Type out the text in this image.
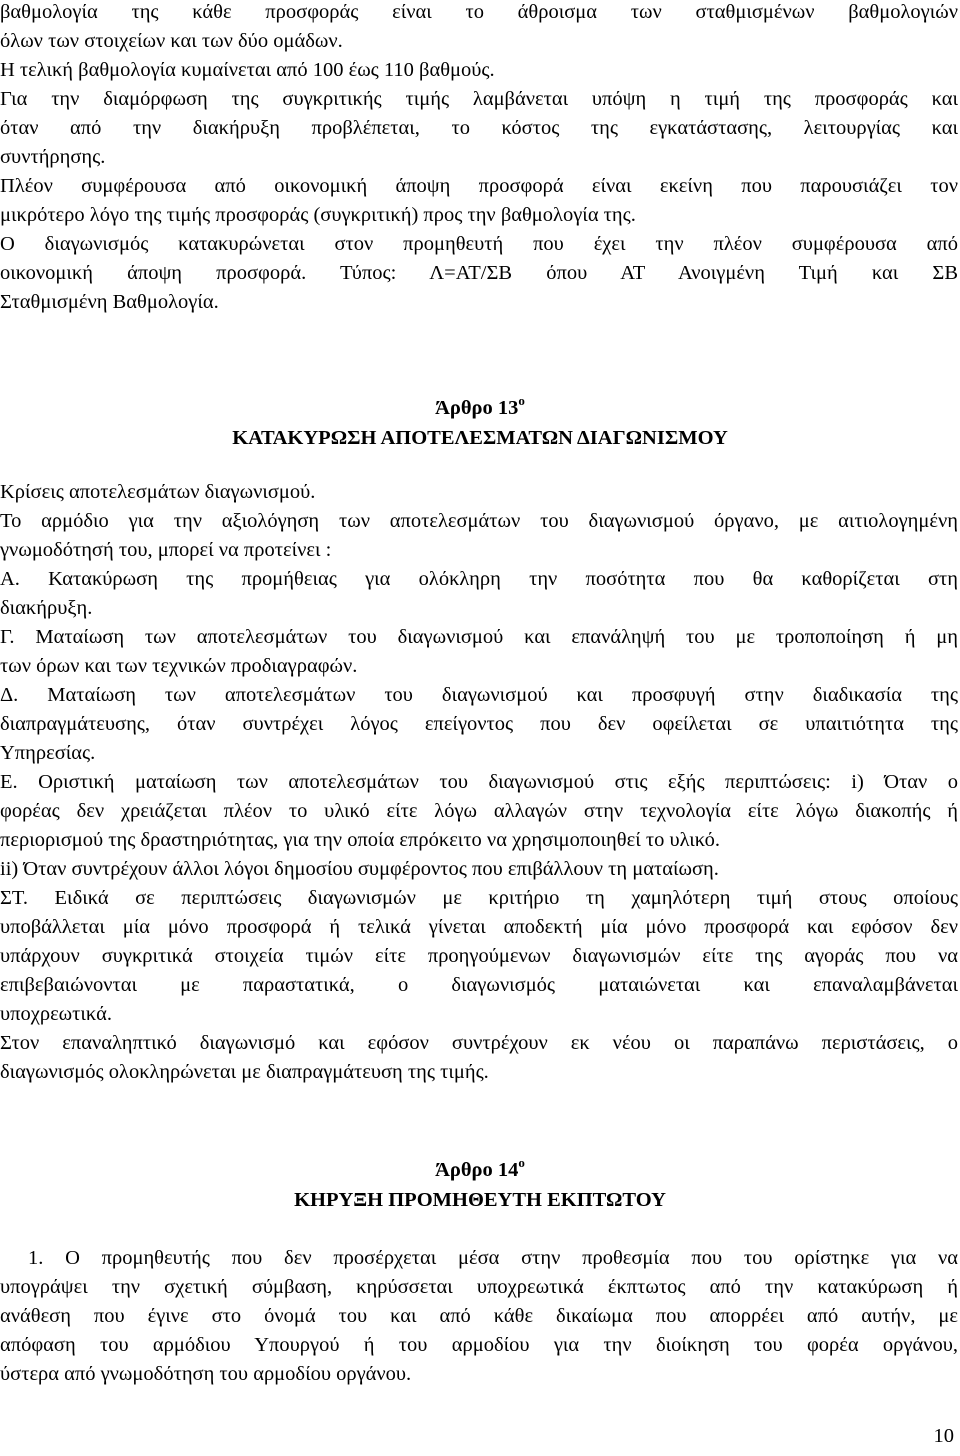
βαθμολογία της κάθε προσφοράς είναι το άθροισμα των σταθμισμένων βαθμολογιών

όλων των στοιχείων και των δύο ομάδων.

Η τελική βαθμολογία κυμαίνεται από 100 έως 110 βαθμούς.

Για την διαμόρφωση της συγκριτικής τιμής λαμβάνεται υπόψη η τιμή της προσφοράς και

όταν από την διακήρυξη προβλέπεται, το κόστος της εγκατάστασης, λειτουργίας και

συντήρησης.

Πλέον συμφέρουσα από οικονομική άποψη προσφορά είναι εκείνη που παρουσιάζει τον

μικρότερο λόγο της τιμής προσφοράς (συγκριτική) προς την βαθμολογία της.

Ο διαγωνισμός κατακυρώνεται στον προμηθευτή που έχει την πλέον συμφέρουσα από

οικονομική άποψη προσφορά. Τύπος: Λ=ΑΤ/ΣΒ όπου ΑΤ Ανοιγμένη Τιμή και ΣΒ

Σταθμισμένη Βαθμολογία.

Άρθρο $13^o$
ΚΑΤΑΚΥΡΩΣΗ ΑΠΟΤΕΛΕΣΜΑΤΩΝ ΔΙΑΓΩΝΙΣΜΟΥ

Κρίσεις αποτελεσμάτων διαγωνισμού.

Το αρμόδιο για την αξιολόγηση των αποτελεσμάτων του διαγωνισμού όργανο, με αιτιολογημένη

γνωμοδότησή του, μπορεί να προτείνει :

Α. Κατακύρωση της προμήθειας για ολόκληρη την ποσότητα που θα καθορίζεται στη

διακήρυξη.

Γ. Ματαίωση των αποτελεσμάτων του διαγωνισμού και επανάληψή του με τροποποίηση ή μη

των όρων και των τεχνικών προδιαγραφών.

Δ. Ματαίωση των αποτελεσμάτων του διαγωνισμού και προσφυγή στην διαδικασία της

διαπραγμάτευσης, όταν συντρέχει λόγος επείγοντος που δεν οφείλεται σε υπαιτιότητα της

Υπηρεσίας.

Ε. Οριστική ματαίωση των αποτελεσμάτων του διαγωνισμού στις εξής περιπτώσεις: i) Όταν ο

φορέας δεν χρειάζεται πλέον το υλικό είτε λόγω αλλαγών στην τεχνολογία είτε λόγω διακοπής ή

περιορισμού της δραστηριότητας, για την οποία επρόκειτο να χρησιμοποιηθεί το υλικό.

ii) Όταν συντρέχουν άλλοι λόγοι δημοσίου συμφέροντος που επιβάλλουν τη ματαίωση.

ΣΤ. Ειδικά σε περιπτώσεις διαγωνισμών με κριτήριο τη χαμηλότερη τιμή στους οποίους

υποβάλλεται μία μόνο προσφορά ή τελικά γίνεται αποδεκτή μία μόνο προσφορά και εφόσον δεν

υπάρχουν συγκριτικά στοιχεία τιμών είτε προηγούμενων διαγωνισμών είτε της αγοράς που να

επιβεβαιώνονται με παραστατικά, ο διαγωνισμός ματαιώνεται και επαναλαμβάνεται

υποχρεωτικά.

Στον επαναληπτικό διαγωνισμό και εφόσον συντρέχουν εκ νέου οι παραπάνω περιστάσεις, ο

διαγωνισμός ολοκληρώνεται με διαπραγμάτευση της τιμής.

Άρθρο $14^o$
ΚΗΡΥΞΗ ΠΡΟΜΗΘΕΥΤΗ ΕΚΠΤΩΤΟΥ

1. Ο προμηθευτής που δεν προσέρχεται μέσα στην προθεσμία που του ορίστηκε για να

υπογράψει την σχετική σύμβαση, κηρύσσεται υποχρεωτικά έκπτωτος από την κατακύρωση ή

ανάθεση που έγινε στο όνομά του και από κάθε δικαίωμα που απορρέει από αυτήν, με

απόφαση του αρμόδιου Υπουργού ή του αρμοδίου για την διοίκηση του φορέα οργάνου,

ύστερα από γνωμοδότηση του αρμοδίου οργάνου.

10
